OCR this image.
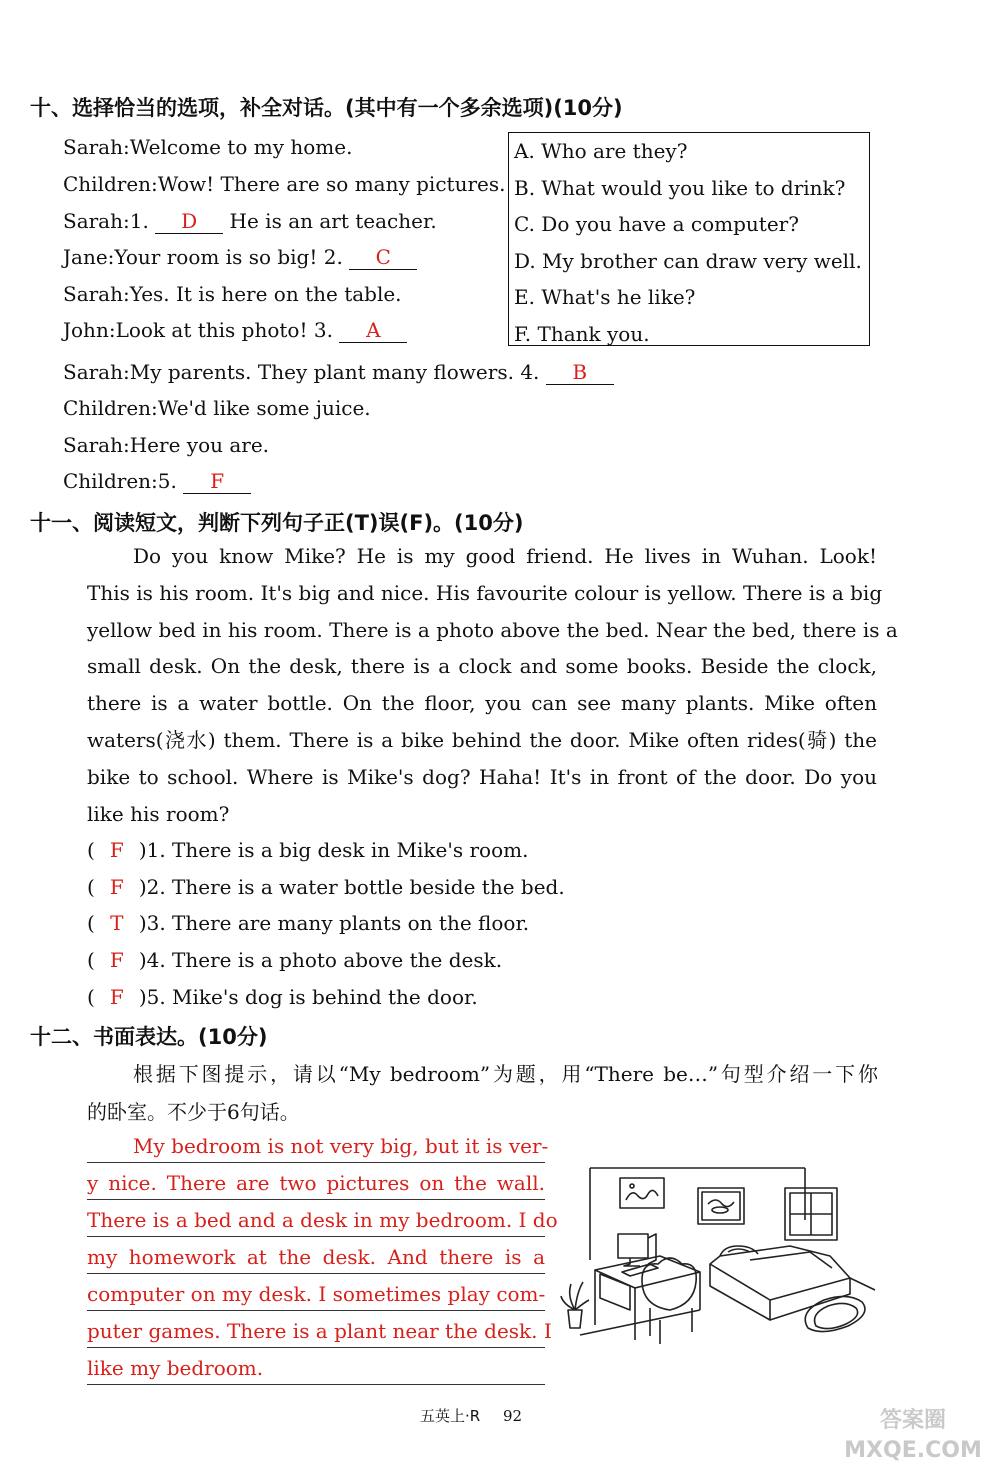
十、选择恰当的选项，补全对话。(其中有一个多余选项)(10分)
Sarah:Welcome to my home.
Children:Wow! There are so many pictures.
Sarah:1. D He is an art teacher.
Jane:Your room is so big! 2. C
Sarah:Yes. It is here on the table.
John:Look at this photo! 3. A
Sarah:My parents. They plant many flowers. 4. B
Children:We'd like some juice.
Sarah:Here you are.
Children:5. F
A. Who are they?
B. What would you like to drink?
C. Do you have a computer?
D. My brother can draw very well.
E. What's he like?
F. Thank you.
十一、阅读短文，判断下列句子正(T)误(F)。(10分)
Do you know Mike? He is my good friend. He lives in Wuhan. Look!
This is his room. It's big and nice. His favourite colour is yellow. There is a big
yellow bed in his room. There is a photo above the bed. Near the bed, there is a
small desk. On the desk, there is a clock and some books. Beside the clock,
there is a water bottle. On the floor, you can see many plants. Mike often
waters(浇水) them. There is a bike behind the door. Mike often rides(骑) the
bike to school. Where is Mike's dog? Haha! It's in front of the door. Do you
like his room?
( F )1. There is a big desk in Mike's room.
( F )2. There is a water bottle beside the bed.
( T )3. There are many plants on the floor.
( F )4. There is a photo above the desk.
( F )5. Mike's dog is behind the door.
十二、书面表达。(10分)
根据下图提示，请以“My bedroom”为题，用“There be…”句型介绍一下你
的卧室。不少于6句话。
My bedroom is not very big, but it is ver-
y nice. There are two pictures on the wall.
There is a bed and a desk in my bedroom. I do
my homework at the desk. And there is a
computer on my desk. I sometimes play com-
puter games. There is a plant near the desk. I
like my bedroom.
五英上·R 92	答案圈 MXQE.COM
